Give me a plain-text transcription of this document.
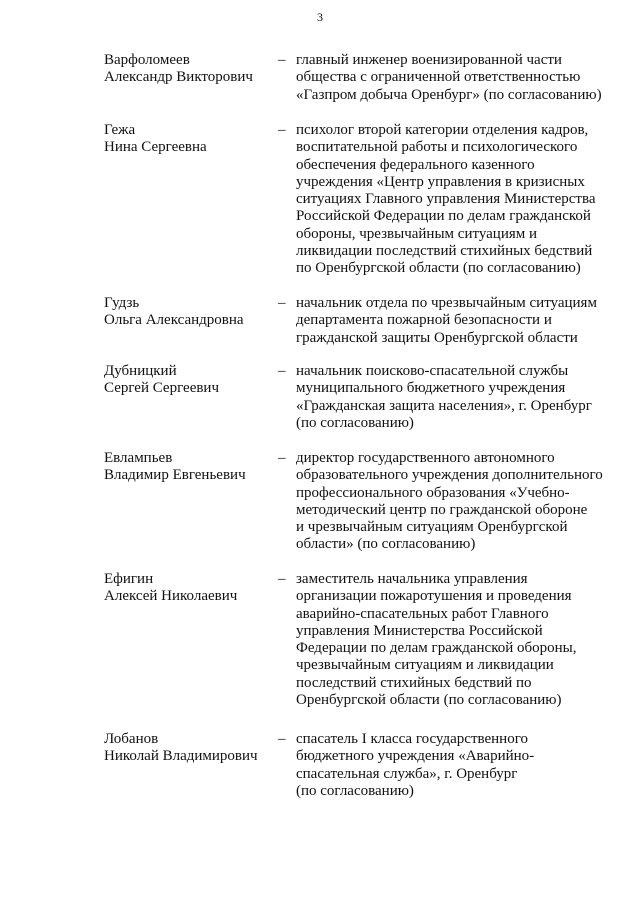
3
Варфоломеев
Александр Викторович
– главный инженер военизированной части
общества с ограниченной ответственностью
«Газпром добыча Оренбург» (по согласованию)
Гежа
Нина Сергеевна
– психолог второй категории отделения кадров,
воспитательной работы и психологического
обеспечения федерального казенного
учреждения «Центр управления в кризисных
ситуациях Главного управления Министерства
Российской Федерации по делам гражданской
обороны, чрезвычайным ситуациям и
ликвидации последствий стихийных бедствий
по Оренбургской области (по согласованию)
Гудзь
Ольга Александровна
– начальник отдела по чрезвычайным ситуациям
департамента пожарной безопасности и
гражданской защиты Оренбургской области
Дубницкий
Сергей Сергеевич
– начальник поисково-спасательной службы
муниципального бюджетного учреждения
«Гражданская защита населения», г. Оренбург
(по согласованию)
Евлампьев
Владимир Евгеньевич
– директор государственного автономного
образовательного учреждения дополнительного
профессионального образования «Учебно-
методический центр по гражданской обороне
и чрезвычайным ситуациям Оренбургской
области» (по согласованию)
Ефигин
Алексей Николаевич
– заместитель начальника управления
организации пожаротушения и проведения
аварийно-спасательных работ Главного
управления Министерства Российской
Федерации по делам гражданской обороны,
чрезвычайным ситуациям и ликвидации
последствий стихийных бедствий по
Оренбургской области (по согласованию)
Лобанов
Николай Владимирович
– спасатель I класса государственного
бюджетного учреждения «Аварийно-
спасательная служба», г. Оренбург
(по согласованию)
